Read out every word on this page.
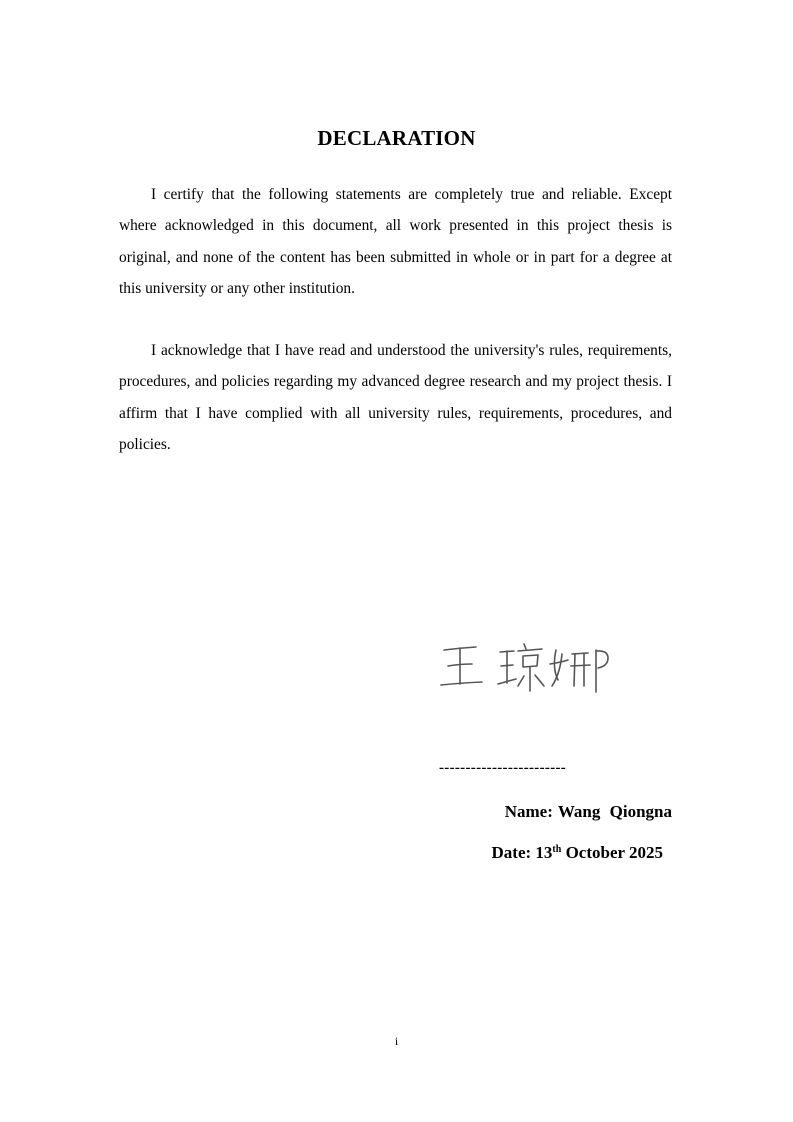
DECLARATION

I certify that the following statements are completely true and reliable. Except where acknowledged in this document, all work presented in this project thesis is original, and none of the content has been submitted in whole or in part for a degree at this university or any other institution.

I acknowledge that I have read and understood the university's rules, requirements, procedures, and policies regarding my advanced degree research and my project thesis. I affirm that I have complied with all university rules, requirements, procedures, and policies.

------------------------
Name: Wang Qiongna
Date: 13th October 2025
i
